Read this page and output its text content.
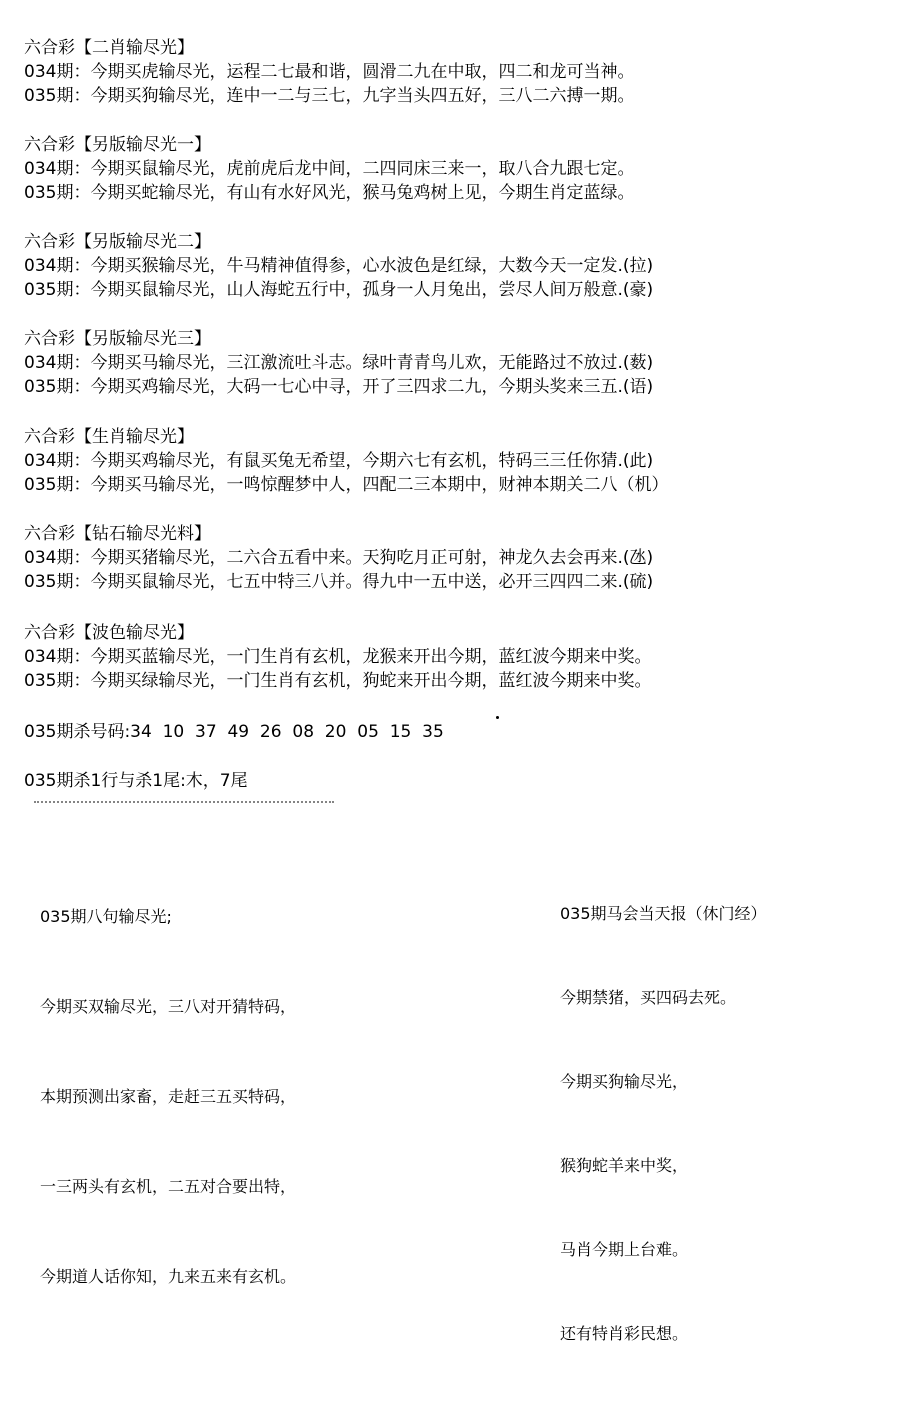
六合彩【二肖输尽光】
034期：今期买虎输尽光，运程二七最和谐，圆滑二九在中取，四二和龙可当神。
035期：今期买狗输尽光，连中一二与三七，九字当头四五好，三八二六搏一期。
六合彩【另版输尽光一】
034期：今期买鼠输尽光，虎前虎后龙中间，二四同床三来一，取八合九跟七定。
035期：今期买蛇输尽光，有山有水好风光，猴马兔鸡树上见，今期生肖定蓝绿。
六合彩【另版输尽光二】
034期：今期买猴输尽光，牛马精神值得参，心水波色是红绿，大数今天一定发.(拉)
035期：今期买鼠输尽光，山人海蛇五行中，孤身一人月兔出，尝尽人间万般意.(豪)
六合彩【另版输尽光三】
034期：今期买马输尽光，三江激流吐斗志。绿叶青青鸟儿欢，无能路过不放过.(薮)
035期：今期买鸡输尽光，大码一七心中寻，开了三四求二九，今期头奖来三五.(语)
六合彩【生肖输尽光】
034期：今期买鸡输尽光，有鼠买兔无希望，今期六七有玄机，特码三三任你猜.(此)
035期：今期买马输尽光，一鸣惊醒梦中人，四配二三本期中，财神本期关二八（机）
六合彩【钻石输尽光料】
034期：今期买猪输尽光，二六合五看中来。天狗吃月正可射，神龙久去会再来.(氹)
035期：今期买鼠输尽光，七五中特三八并。得九中一五中送，必开三四四二来.(硫)
六合彩【波色输尽光】
034期：今期买蓝输尽光，一门生肖有玄机，龙猴来开出今期，蓝红波今期来中奖。
035期：今期买绿输尽光，一门生肖有玄机，狗蛇来开出今期，蓝红波今期来中奖。
035期杀号码:34  10  37  49  26  08  20  05  15  35
035期杀1行与杀1尾:木，7尾

035期八句输尽光;

今期买双输尽光，三八对开猜特码，

本期预测出家畜，走赶三五买特码，

一三两头有玄机，二五对合要出特，

今期道人话你知，九来五来有玄机。

035期马会当天报（休门经）

今期禁猪，买四码去死。

今期买狗输尽光，

猴狗蛇羊来中奖，

马肖今期上台难。

还有特肖彩民想。
